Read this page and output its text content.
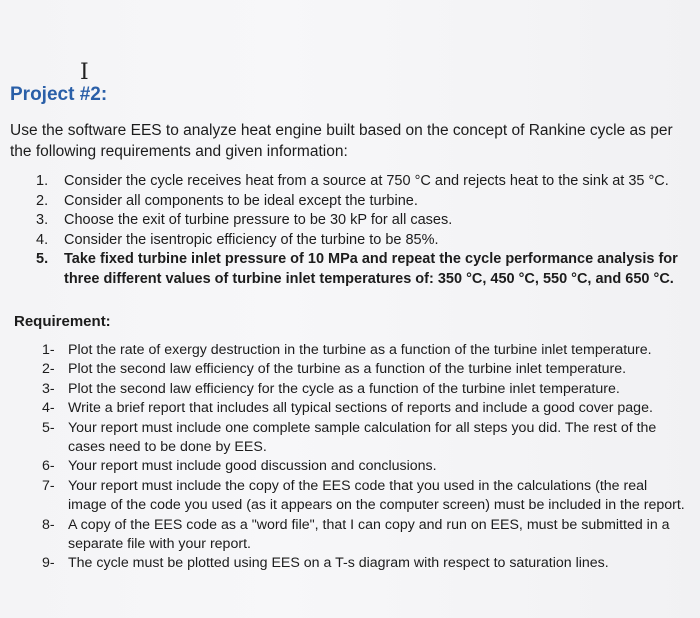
I
Project #2:
Use the software EES to analyze heat engine built based on the concept of Rankine cycle as per the following requirements and given information:
1.	Consider the cycle receives heat from a source at 750 °C and rejects heat to the sink at 35 °C.
2.	Consider all components to be ideal except the turbine.
3.	Choose the exit of turbine pressure to be 30 kP for all cases.
4.	Consider the isentropic efficiency of the turbine to be 85%.
5.	Take fixed turbine inlet pressure of 10 MPa and repeat the cycle performance analysis for three different values of turbine inlet temperatures of: 350 °C, 450 °C, 550 °C, and 650 °C.
Requirement:
1- Plot the rate of exergy destruction in the turbine as a function of the turbine inlet temperature.
2- Plot the second law efficiency of the turbine as a function of the turbine inlet temperature.
3- Plot the second law efficiency for the cycle as a function of the turbine inlet temperature.
4- Write a brief report that includes all typical sections of reports and include a good cover page.
5- Your report must include one complete sample calculation for all steps you did. The rest of the cases need to be done by EES.
6- Your report must include good discussion and conclusions.
7- Your report must include the copy of the EES code that you used in the calculations (the real image of the code you used (as it appears on the computer screen) must be included in the report.
8- A copy of the EES code as a "word file", that I can copy and run on EES, must be submitted in a separate file with your report.
9- The cycle must be plotted using EES on a T-s diagram with respect to saturation lines.
